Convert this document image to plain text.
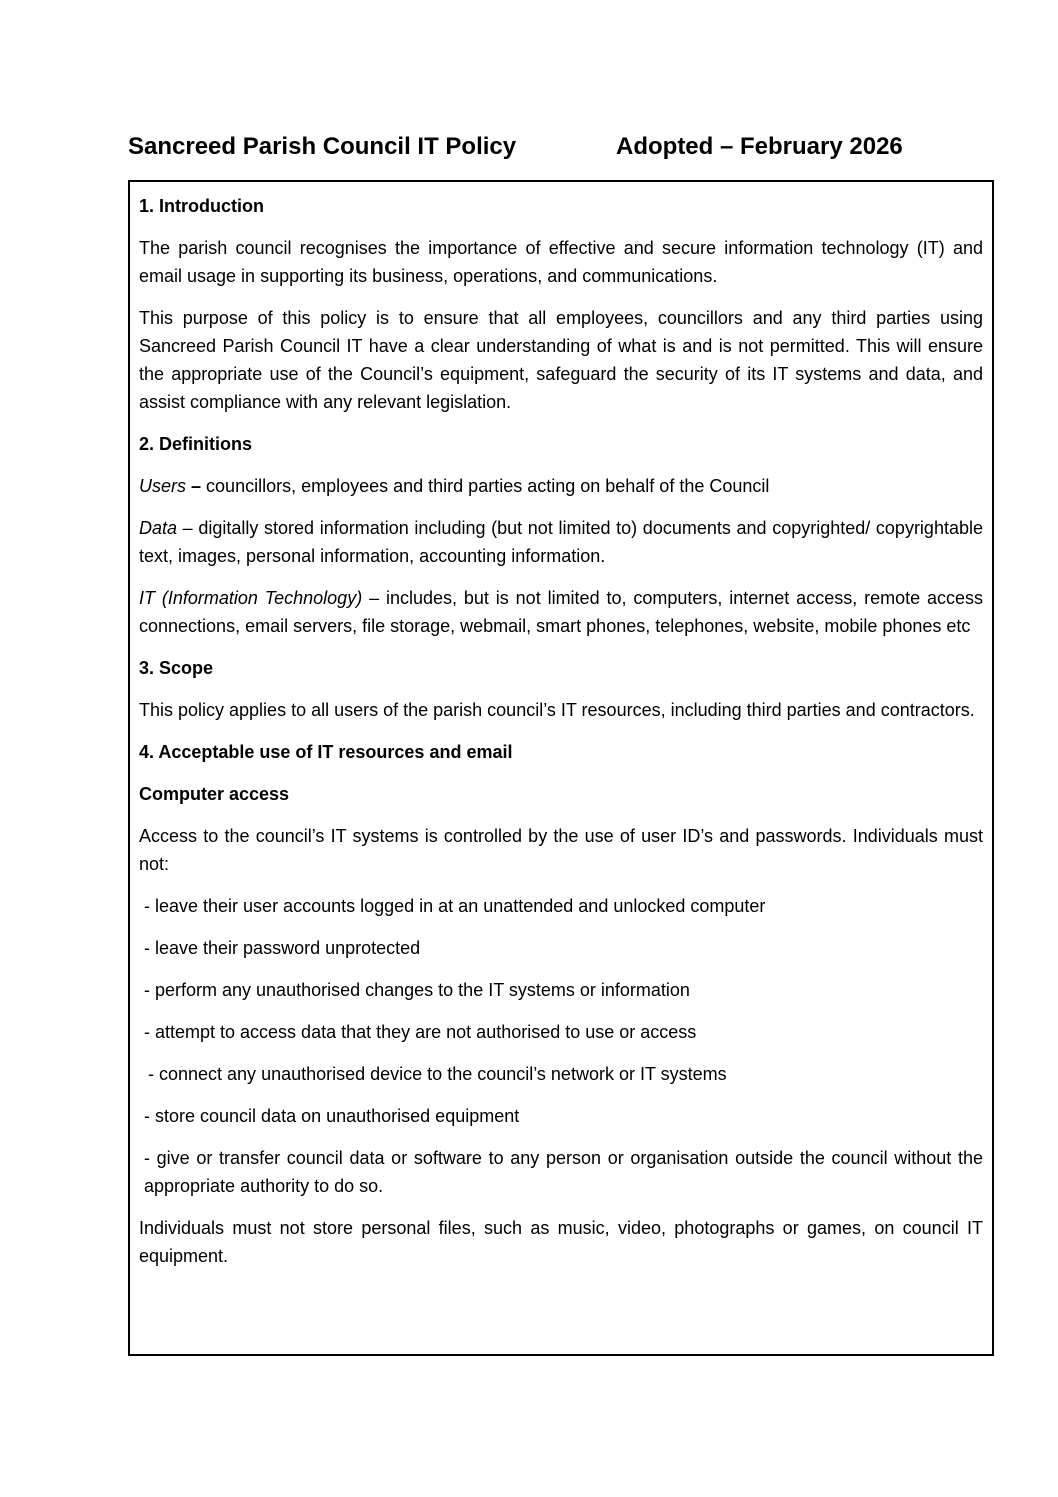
Sancreed Parish Council IT Policy	Adopted – February 2026
1. Introduction

The parish council recognises the importance of effective and secure information technology (IT) and email usage in supporting its business, operations, and communications.

This purpose of this policy is to ensure that all employees, councillors and any third parties using Sancreed Parish Council IT have a clear understanding of what is and is not permitted. This will ensure the appropriate use of the Council’s equipment, safeguard the security of its IT systems and data, and assist compliance with any relevant legislation.

2. Definitions

Users – councillors, employees and third parties acting on behalf of the Council

Data – digitally stored information including (but not limited to) documents and copyrighted/ copyrightable text, images, personal information, accounting information.

IT (Information Technology) – includes, but is not limited to, computers, internet access, remote access connections, email servers, file storage, webmail, smart phones, telephones, website, mobile phones etc

3. Scope

This policy applies to all users of the parish council’s IT resources, including third parties and contractors.

4. Acceptable use of IT resources and email
Computer access

Access to the council’s IT systems is controlled by the use of user ID’s and passwords. Individuals must not:

- leave their user accounts logged in at an unattended and unlocked computer
- leave their password unprotected
- perform any unauthorised changes to the IT systems or information
- attempt to access data that they are not authorised to use or access
- connect any unauthorised device to the council’s network or IT systems
- store council data on unauthorised equipment
- give or transfer council data or software to any person or organisation outside the council without the appropriate authority to do so.

Individuals must not store personal files, such as music, video, photographs or games, on council IT equipment.
